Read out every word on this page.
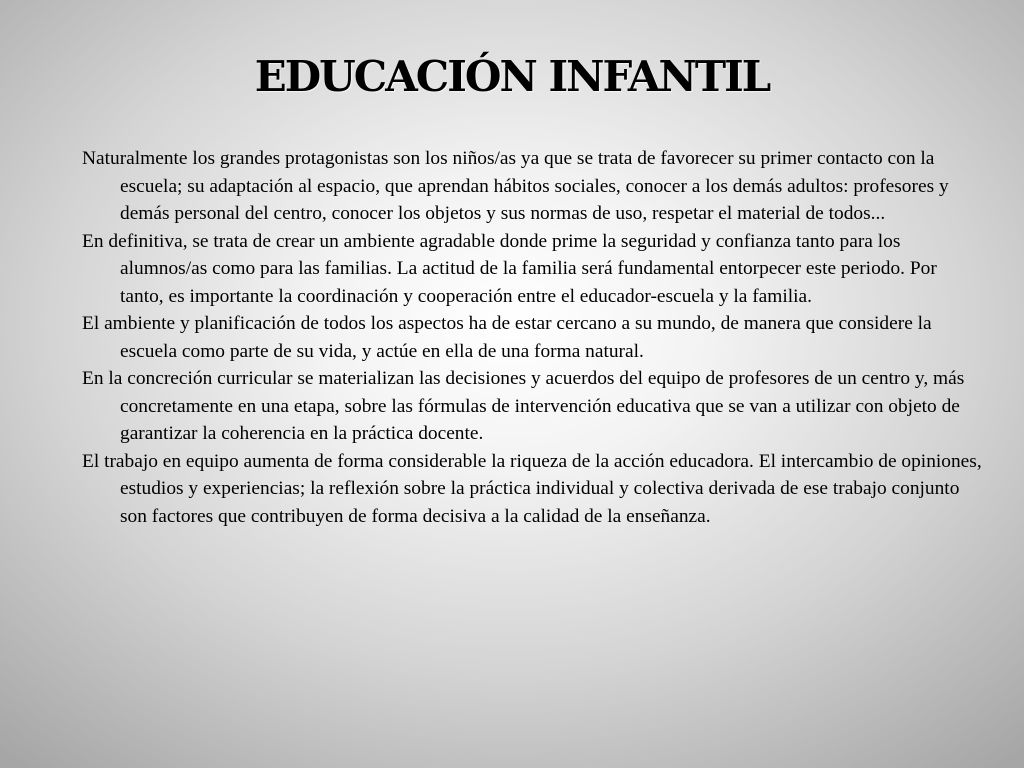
EDUCACIÓN INFANTIL

Naturalmente los grandes protagonistas son los niños/as ya que se trata de favorecer su primer contacto con la escuela; su adaptación al espacio, que aprendan hábitos sociales, conocer a los demás adultos: profesores y demás personal del centro, conocer los objetos y sus normas de uso, respetar el material de todos...

En definitiva, se trata de crear un ambiente agradable donde prime la seguridad y confianza tanto para los alumnos/as como para las familias. La actitud de la familia será fundamental entorpecer este periodo. Por tanto, es importante la coordinación y cooperación entre el educador-escuela y la familia.

El ambiente y planificación de todos los aspectos ha de estar cercano a su mundo, de manera que considere la escuela como parte de su vida, y actúe en ella de una forma natural.

En la concreción curricular se materializan las decisiones y acuerdos del equipo de profesores de un centro y, más concretamente en una etapa, sobre las fórmulas de intervención educativa que se van a utilizar con objeto de garantizar la coherencia en la práctica docente.

El trabajo en equipo aumenta de forma considerable la riqueza de la acción educadora. El intercambio de opiniones, estudios y experiencias; la reflexión sobre la práctica individual y colectiva derivada de ese trabajo conjunto son factores que contribuyen de forma decisiva a la calidad de la enseñanza.
